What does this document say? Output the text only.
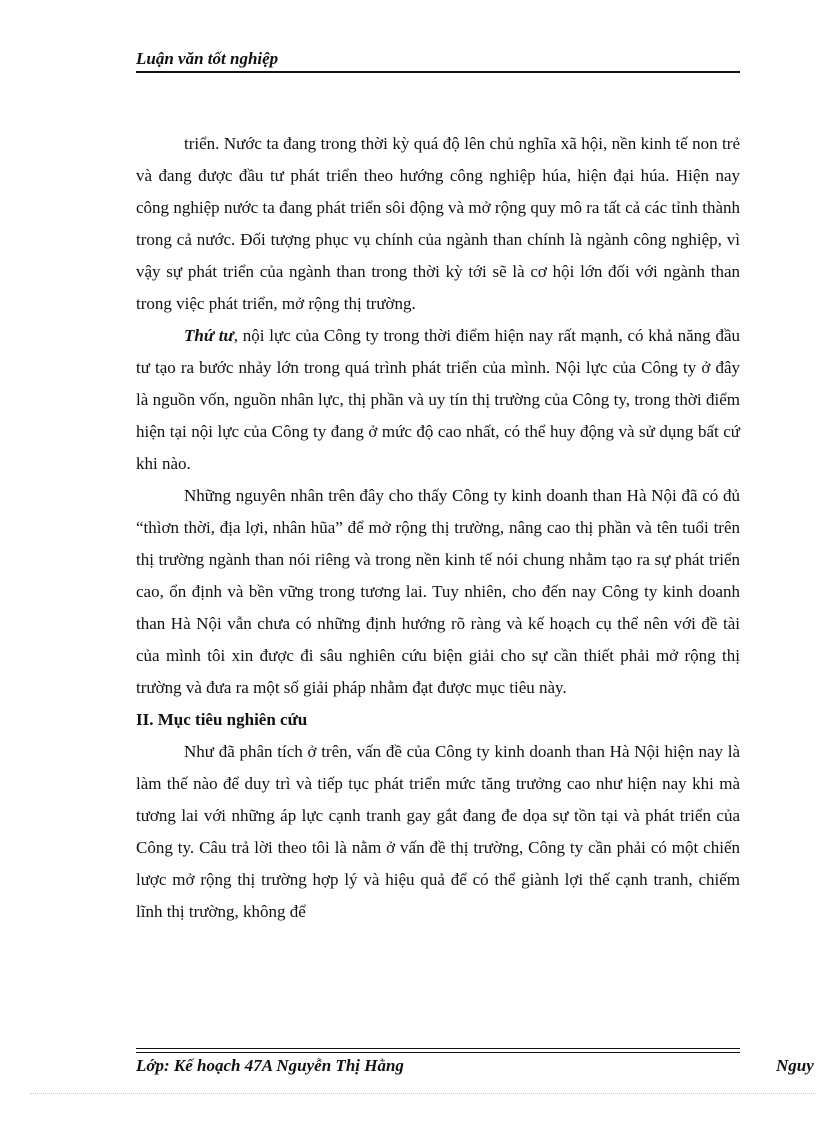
Luận văn tốt nghiệp

triển. Nước ta đang trong thời kỳ quá độ lên chủ nghĩa xã hội, nền kinh tế non trẻ và đang được đầu tư phát triển theo hướng công nghiệp húa, hiện đại húa. Hiện nay công nghiệp nước ta đang phát triển sôi động và mở rộng quy mô ra tất cả các tỉnh thành trong cả nước. Đối tượng phục vụ chính của ngành than chính là ngành công nghiệp, vì vậy sự phát triển của ngành than trong thời kỳ tới sẽ là cơ hội lớn đối với ngành than trong việc phát triển, mở rộng thị trường.

Thứ tư, nội lực của Công ty trong thời điểm hiện nay rất mạnh, có khả năng đầu tư tạo ra bước nhảy lớn trong quá trình phát triển của mình. Nội lực của Công ty ở đây là nguồn vốn, nguồn nhân lực, thị phần và uy tín thị trường của Công ty, trong thời điểm hiện tại nội lực của Công ty đang ở mức độ cao nhất, có thể huy động và sử dụng bất cứ khi nào.

Những nguyên nhân trên đây cho thấy Công ty kinh doanh than Hà Nội đã có đủ “thìơn thời, địa lợi, nhân hũa” để mở rộng thị trường, nâng cao thị phần và tên tuổi trên thị trường ngành than nói riêng và trong nền kinh tế nói chung nhằm tạo ra sự phát triển cao, ổn định và bền vững trong tương lai. Tuy nhiên, cho đến nay Công ty kinh doanh than Hà Nội vẫn chưa có những định hướng rõ ràng và kế hoạch cụ thể nên với đề tài của mình tôi xin được đi sâu nghiên cứu biện giải cho sự cần thiết phải mở rộng thị trường và đưa ra một số giải pháp nhằm đạt được mục tiêu này.

II. Mục tiêu nghiên cứu

Như đã phân tích ở trên, vấn đề của Công ty kinh doanh than Hà Nội hiện nay là làm thế nào để duy trì và tiếp tục phát triển mức tăng trưởng cao như hiện nay khi mà tương lai với những áp lực cạnh tranh gay gắt đang đe dọa sự tồn tại và phát triển của Công ty. Câu trả lời theo tôi là nằm ở vấn đề thị trường, Công ty cần phải có một chiến lược mở rộng thị trường hợp lý và hiệu quả để có thể giành lợi thế cạnh tranh, chiếm lĩnh thị trường, không để

Lớp: Kế hoạch 47A Nguyễn Thị Hằng	Nguy
